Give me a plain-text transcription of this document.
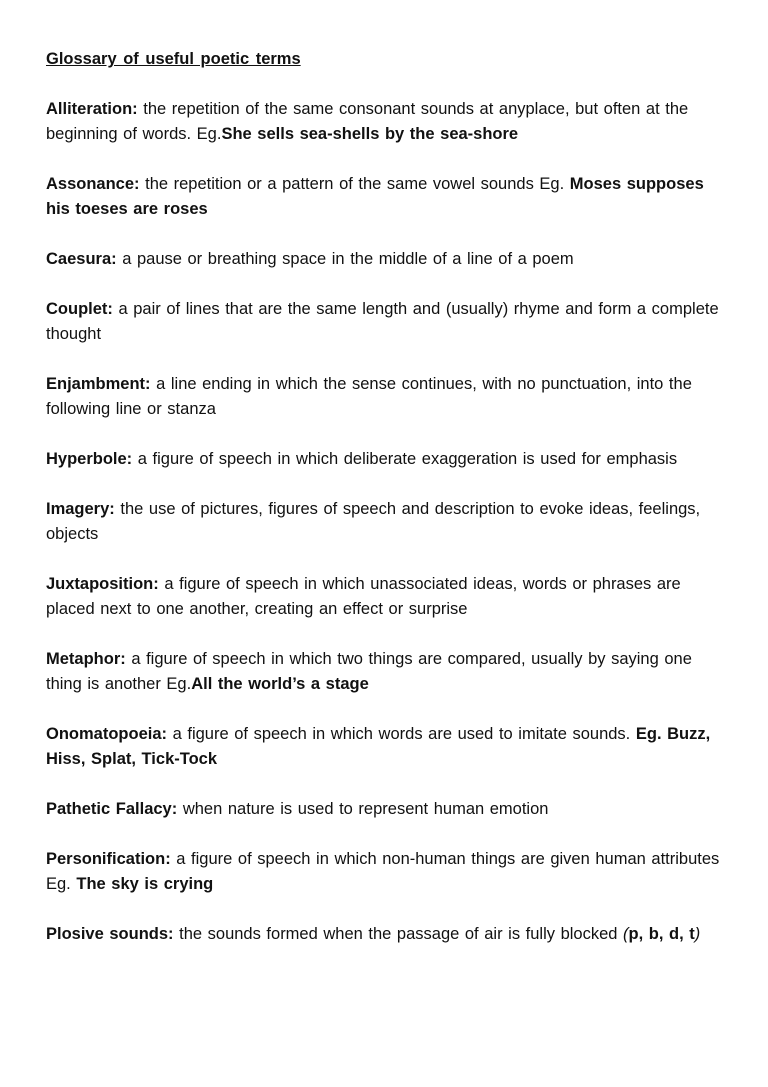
Glossary of useful poetic terms
Alliteration: the repetition of the same consonant sounds at anyplace, but often at the beginning of words. Eg.She sells sea-shells by the sea-shore
Assonance: the repetition or a pattern of the same vowel sounds Eg. Moses supposes his toeses are roses
Caesura: a pause or breathing space in the middle of a line of a poem
Couplet: a pair of lines that are the same length and (usually) rhyme and form a complete thought
Enjambment: a line ending in which the sense continues, with no punctuation, into the following line or stanza
Hyperbole: a figure of speech in which deliberate exaggeration is used for emphasis
Imagery: the use of pictures, figures of speech and description to evoke ideas, feelings, objects
Juxtaposition: a figure of speech in which unassociated ideas, words or phrases are placed next to one another, creating an effect or surprise
Metaphor: a figure of speech in which two things are compared, usually by saying one thing is another Eg.All the world’s a stage
Onomatopoeia: a figure of speech in which words are used to imitate sounds. Eg. Buzz, Hiss, Splat, Tick-Tock
Pathetic Fallacy: when nature is used to represent human emotion
Personification: a figure of speech in which non-human things are given human attributes Eg. The sky is crying
Plosive sounds: the sounds formed when the passage of air is fully blocked (p, b, d, t)
